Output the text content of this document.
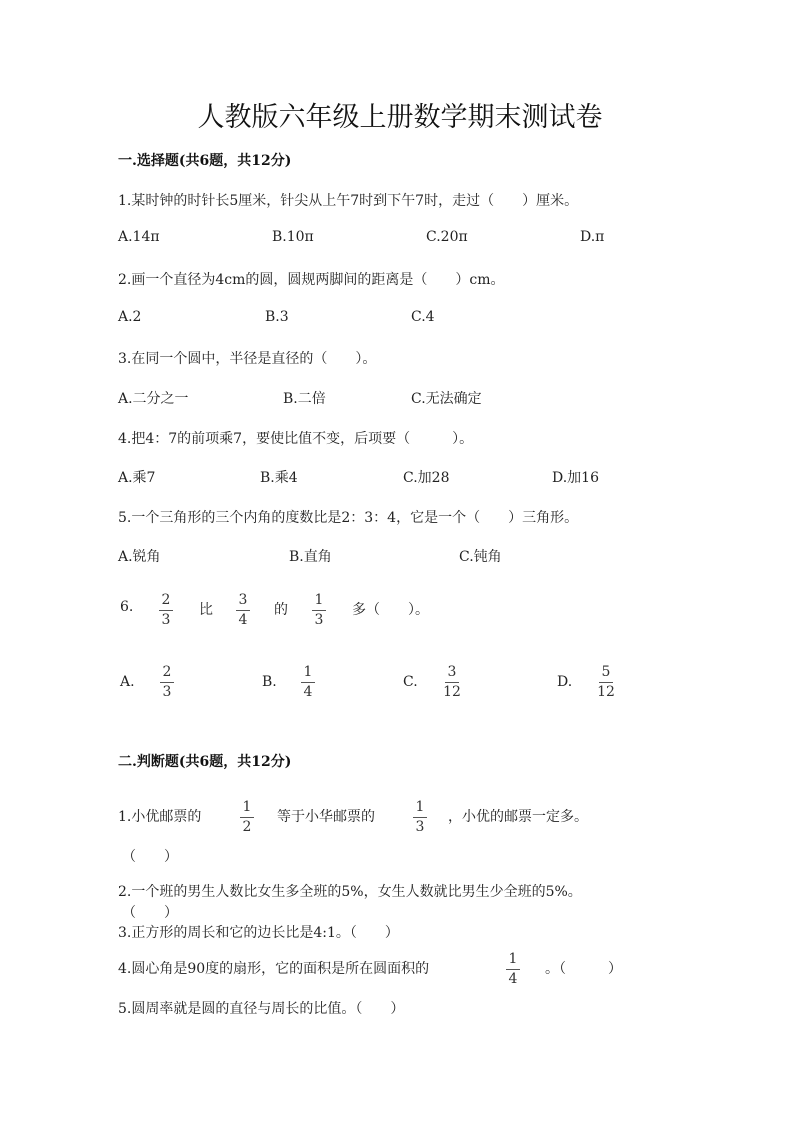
人教版六年级上册数学期末测试卷
一.选择题(共6题，共12分)
1.某时钟的时针长5厘米，针尖从上午7时到下午7时，走过（　　）厘米。
A.14π	B.10π	C.20π	D.π
2.画一个直径为4cm的圆，圆规两脚间的距离是（　　）cm。
A.2	B.3	C.4
3.在同一个圆中，半径是直径的（　　）。
A.二分之一	B.二倍	C.无法确定
4.把4：7的前项乘7，要使比值不变，后项要（　　　）。
A.乘7	B.乘4	C.加28	D.加16
5.一个三角形的三个内角的度数比是2：3：4，它是一个（　　）三角形。
A.锐角	B.直角	C.钝角
6.	2
3
比
3
4
的
1
3
多（　　）。
A.
2
3
B.
1
4
C.
3
12
D.
5
12
二.判断题(共6题，共12分)
1.小优邮票的
1
2
等于小华邮票的
1
3
，小优的邮票一定多。
（　　）
2.一个班的男生人数比女生多全班的5%，女生人数就比男生少全班的5%。
（　　）
3.正方形的周长和它的边长比是4:1。（　　）
4.圆心角是90度的扇形，它的面积是所在圆面积的
1
4
。（　　　）
5.圆周率就是圆的直径与周长的比值。（　　）
